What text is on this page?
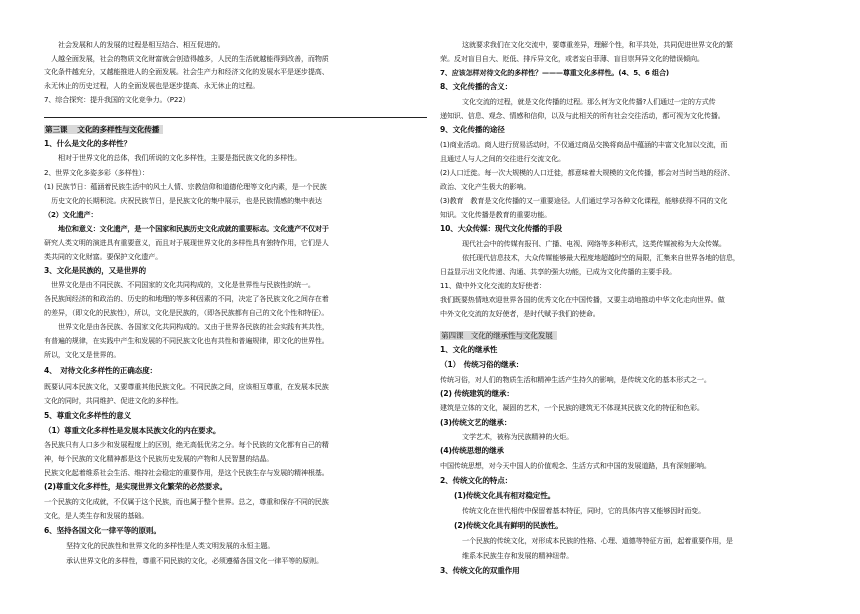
社会发展和人的发展的过程是相互结合、相互促进的。
人越全面发展，社会的物质文化财富就会创造得越多，人民的生活就越能得到改善，而物质
文化条件越充分，又越能推进人的全面发展。社会生产力和经济文化的发展水平是逐步提高、
永无休止的历史过程，人的全面发展也是逐步提高、永无休止的过程。
7、综合探究：提升我国的文化竞争力。（P22）
第三课　 文化的多样性与文化传播
1、什么是文化的多样性？
相对于世界文化的总体，我们所说的文化多样性，主要是指民族文化的多样性。
2、世界文化多姿多彩（多样性）：
(1) 民族节日：蕴涵着民族生活中的风土人情、宗教信仰和道德伦理等文化内素，是一个民族
历史文化的长期积淀。庆祝民族节日，是民族文化的集中展示，也是民族情感的集中表达
（2）文化遗产：
地位和意义：文化遗产，是一个国家和民族历史文化成就的重要标志。文化遗产不仅对于
研究人类文明的演进具有重要意义，而且对于展现世界文化的多样性具有独特作用，它们是人
类共同的文化财富。要保护文化遗产。
3、文化是民族的，又是世界的
世界文化是由不同民族、不同国家的文化共同构成的，文化是世界性与民族性的统一。
各民族间经济的和政治的、历史的和地理的等多种因素的不同，决定了各民族文化之间存在着
的差异，（即文化的民族性），所以，文化是民族的，（即各民族都有自己的文化个性和特征）。
世界文化是由各民族、各国家文化共同构成的。又由于世界各民族的社会实践有其共性，
有普遍的规律，在实践中产生和发展的不同民族文化也有共性和普遍规律，即文化的世界性。
所以，文化又是世界的。
4、　对待文化多样性的正确态度：
既要认同本民族文化，又要尊重其他民族文化。不同民族之间，应该相互尊重，在发展本民族
文化的同时，共同维护、促进文化的多样性。
5、尊重文化多样性的意义
（1）尊重文化多样性是发展本民族文化的内在要求。
各民族只有人口多少和发展程度上的区别，绝无高低优劣之分。每个民族的文化都有自己的精
神，每个民族的文化精神都是这个民族历史发展的产物和人民智慧的结晶。
民族文化起着维系社会生活、维持社会稳定的重要作用，是这个民族生存与发展的精神根基。
(2)尊重文化多样性，是实现世界文化繁荣的必然要求。
一个民族的文化成就，不仅属于这个民族，而也属于整个世界。总之，尊重和保存不同的民族
文化，是人类生存和发展的基础。
6、坚持各国文化一律平等的原则。
坚持文化的民族性和世界文化的多样性是人类文明发展的永恒主题。
承认世界文化的多样性，尊重不同民族的文化，必须遵循各国文化一律平等的原则。
这就要求我们在文化交流中，要尊重差异，理解个性，和平共处，共同促进世界文化的繁
荣。反对盲目自大、贬低、排斥异文化，或者妄自菲薄、盲目崇拜异文化的错误倾向。
7、应该怎样对待文化的多样性？———尊重文化多样性。(4、5、6 组合)
8、文化传播的含义：
文化交流的过程，就是文化传播的过程。那么何为文化传播?人们通过一定的方式传
递知识、信息、观念、情感和信仰，以及与此相关的所有社会交往活动，都可视为文化传播。
9、文化传播的途径
(1)商业活动。商人进行贸易活动时，不仅通过商品交换将商品中蕴涵的丰富文化加以交流，而
且通过人与人之间的交往进行交流文化。
(2)人口迁徙。每一次大规模的人口迁徙，都意味着大规模的文化传播，都会对当时当地的经济、
政治、文化产生极大的影响。
(3)教育　教育是文化传播的又一重要途径。人们通过学习各种文化课程，能够获得不同的文化
知识。文化传播是教育的重要功能。
10、大众传媒：现代文化传播的手段
现代社会中的传媒有报刊、广播、电视、网络等多种形式，这类传媒被称为大众传媒。
依托现代信息技术，大众传媒能够最大程度地超越时空的局限，汇集来自世界各地的信息，
日益显示出文化传递、沟通、共享的强大功能，已成为文化传播的主要手段。
11、做中外文化交流的友好使者：
我们既要热情地欢迎世界各国的优秀文化在中国传播，又要主动地推动中华文化走向世界。做
中外文化交流的友好使者，是时代赋予我们的使命。
第四课　文化的继承性与文化发展
1、文化的继承性
（1）　传统习俗的继承：
传统习俗，对人们的物质生活和精神生活产生持久的影响，是传统文化的基本形式之一。
(2) 传统建筑的继承：
建筑是立体的文化，凝固的艺术，一个民族的建筑无不体现其民族文化的特征和色彩。
(3)传统文艺的继承：
文学艺术，被称为民族精神的火炬。
(4)传统思想的继承
中国传统思想，对今天中国人的价值观念、生活方式和中国的发展道路，具有深刻影响。
2、传统文化的特点：
(1)传统文化具有相对稳定性。
传统文化在世代相传中保留着基本特征，同时，它的具体内容又能够因时而变。
(2)传统文化具有鲜明的民族性。
一个民族的传统文化，对形成本民族的性格、心理、道德等特征方面，起着重要作用，是
维系本民族生存和发展的精神纽带。
3、传统文化的双重作用
